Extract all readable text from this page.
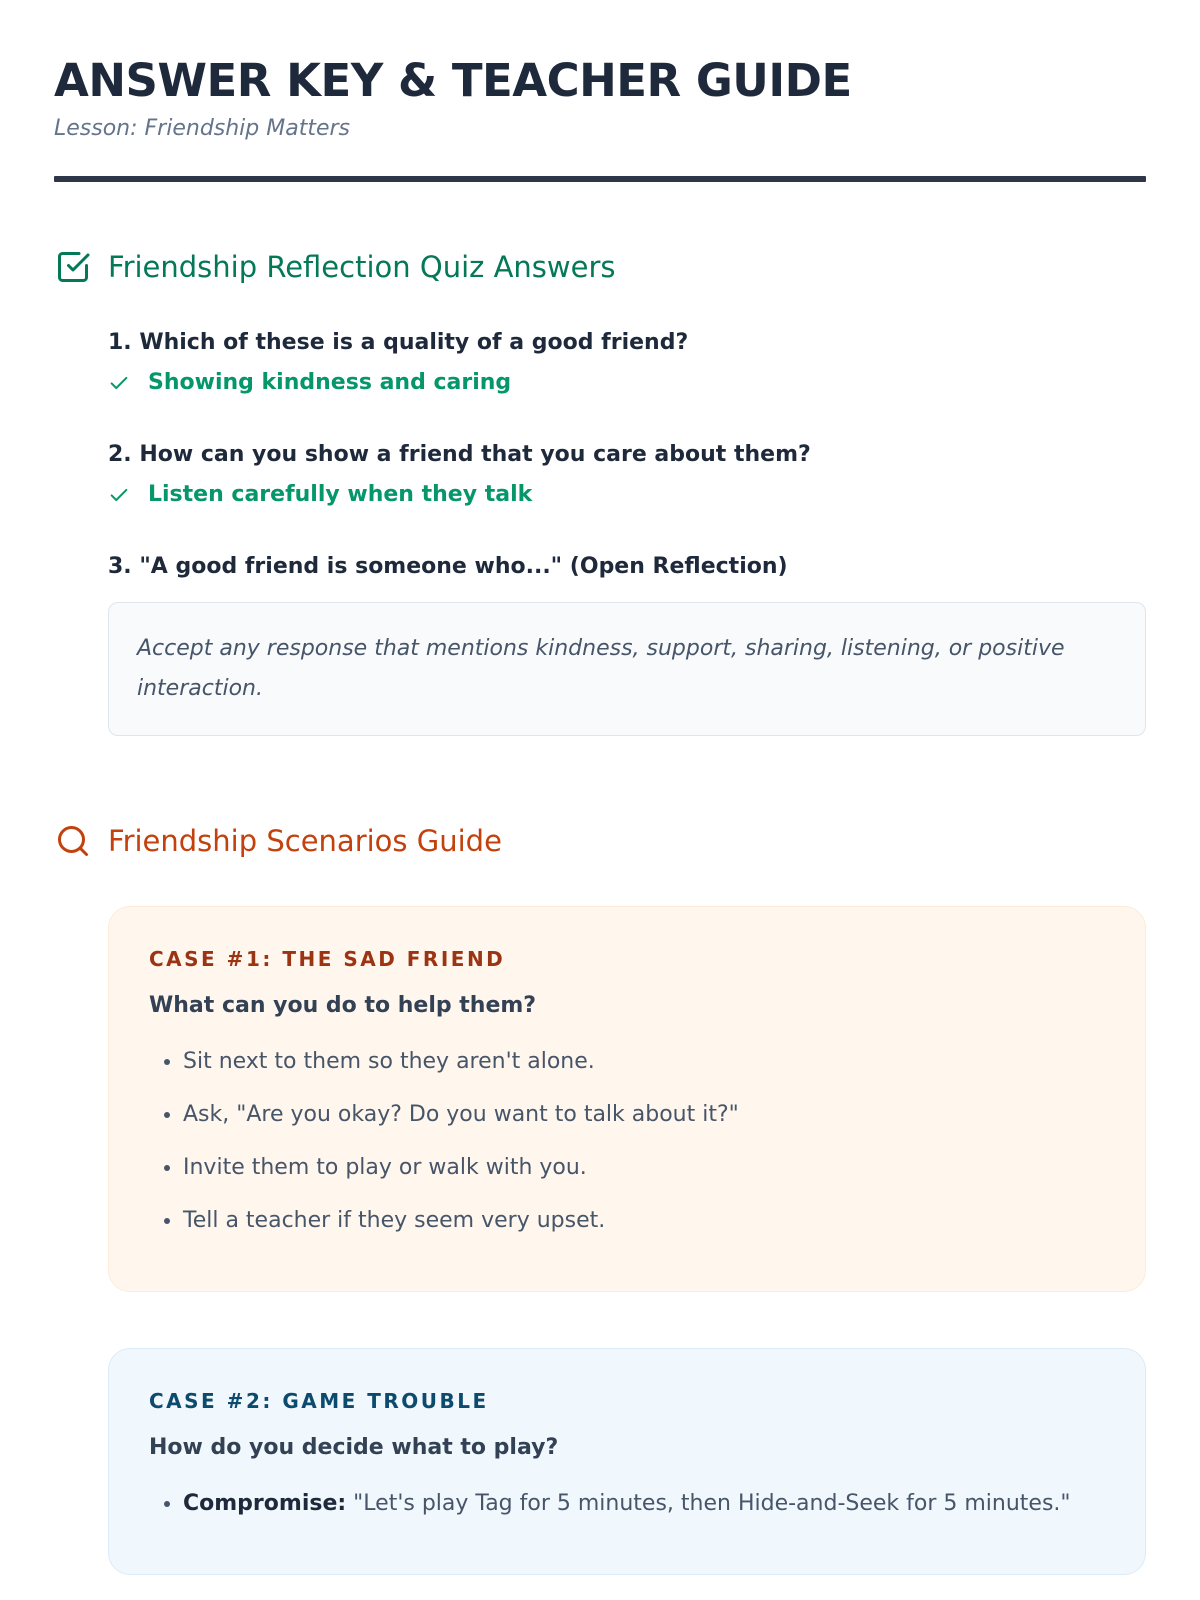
ANSWER KEY & TEACHER GUIDE
Lesson: Friendship Matters
Friendship Reflection Quiz Answers
1. Which of these is a quality of a good friend?
Showing kindness and caring
2. How can you show a friend that you care about them?
Listen carefully when they talk
3. "A good friend is someone who..." (Open Reflection)
Accept any response that mentions kindness, support, sharing, listening, or positive interaction.
Friendship Scenarios Guide
CASE #1: THE SAD FRIEND
What can you do to help them?
• Sit next to them so they aren't alone.
• Ask, "Are you okay? Do you want to talk about it?"
• Invite them to play or walk with you.
• Tell a teacher if they seem very upset.
CASE #2: GAME TROUBLE
How do you decide what to play?
• Compromise: "Let's play Tag for 5 minutes, then Hide-and-Seek for 5 minutes."
